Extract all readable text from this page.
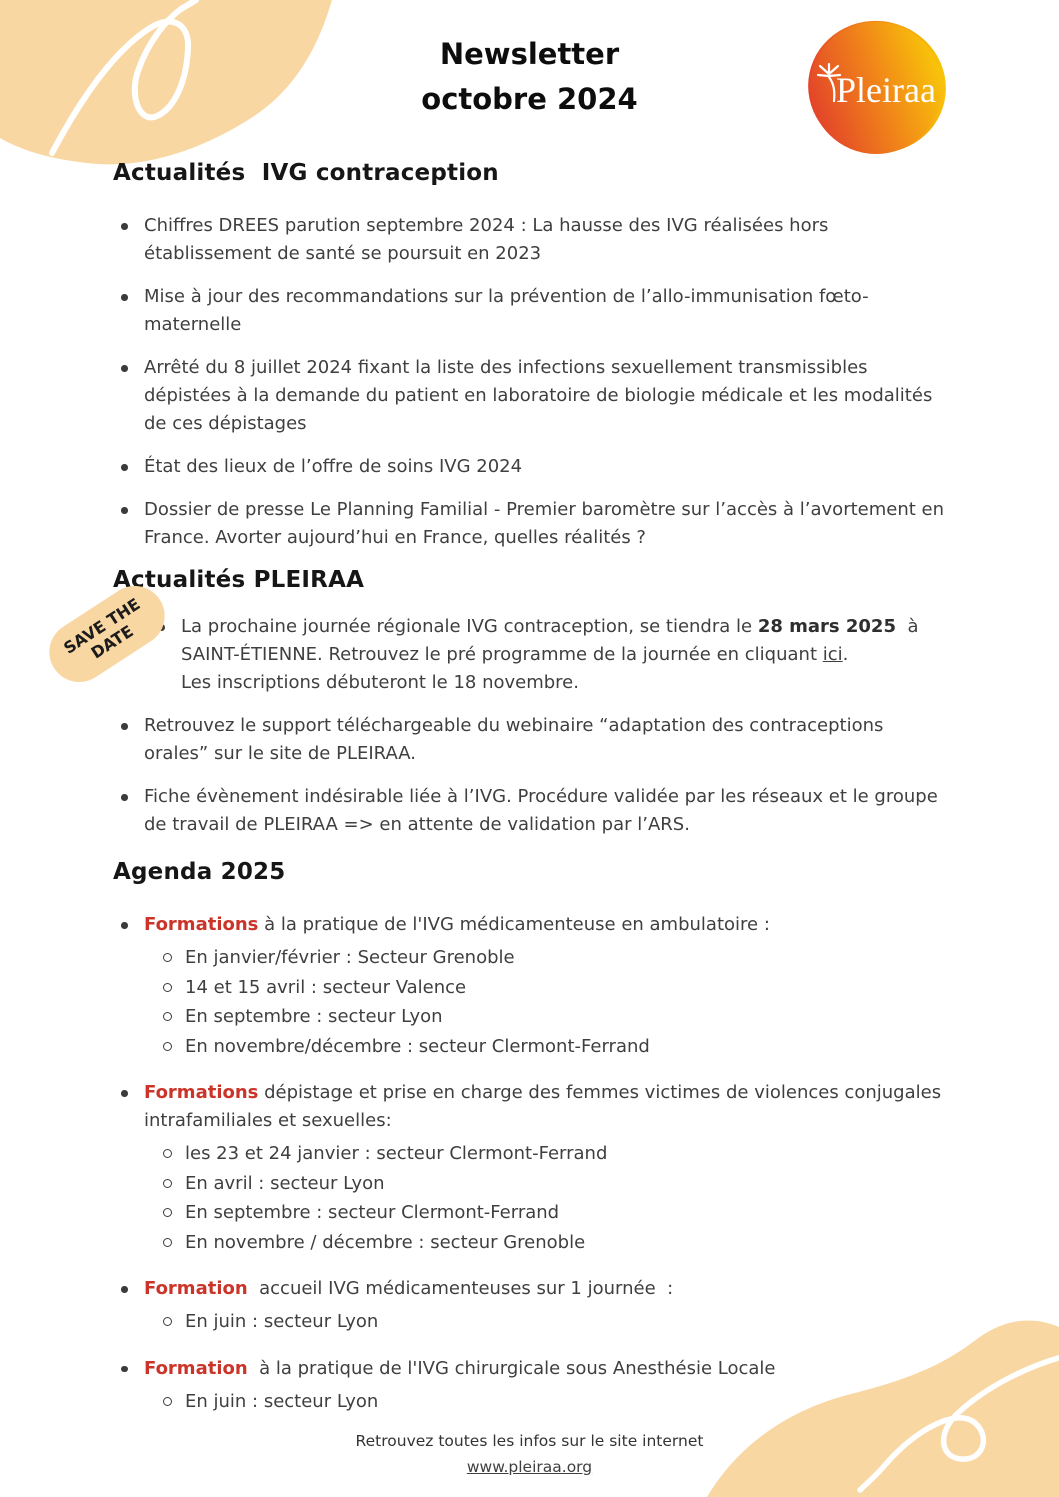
Newsletter
octobre 2024	Pleiraa
SAVE THE DATE
Actualités  IVG contraception
Chiffres DREES parution septembre 2024 : La hausse des IVG réalisées hors établissement de santé se poursuit en 2023
Mise à jour des recommandations sur la prévention de l’allo-immunisation fœto-maternelle
Arrêté du 8 juillet 2024 fixant la liste des infections sexuellement transmissibles dépistées à la demande du patient en laboratoire de biologie médicale et les modalités de ces dépistages
État des lieux de l’offre de soins IVG 2024
Dossier de presse Le Planning Familial - Premier baromètre sur l’accès à l’avortement en France. Avorter aujourd’hui en France, quelles réalités ?
Actualités PLEIRAA
La prochaine journée régionale IVG contraception, se tiendra le 28 mars 2025  à SAINT-ÉTIENNE. Retrouvez le pré programme de la journée en cliquant ici.
Les inscriptions débuteront le 18 novembre.
Retrouvez le support téléchargeable du webinaire “adaptation des contraceptions orales” sur le site de PLEIRAA.
Fiche évènement indésirable liée à l’IVG. Procédure validée par les réseaux et le groupe de travail de PLEIRAA => en attente de validation par l’ARS.
Agenda 2025
Formations à la pratique de l'IVG médicamenteuse en ambulatoire :
En janvier/février : Secteur Grenoble
14 et 15 avril : secteur Valence
En septembre : secteur Lyon
En novembre/décembre : secteur Clermont-Ferrand
Formations dépistage et prise en charge des femmes victimes de violences conjugales intrafamiliales et sexuelles:
les 23 et 24 janvier : secteur Clermont-Ferrand
En avril : secteur Lyon
En septembre : secteur Clermont-Ferrand
En novembre / décembre : secteur Grenoble
Formation  accueil IVG médicamenteuses sur 1 journée  :
En juin : secteur Lyon
Formation  à la pratique de l'IVG chirurgicale sous Anesthésie Locale
En juin : secteur Lyon
Retrouvez toutes les infos sur le site internet
www.pleiraa.org
